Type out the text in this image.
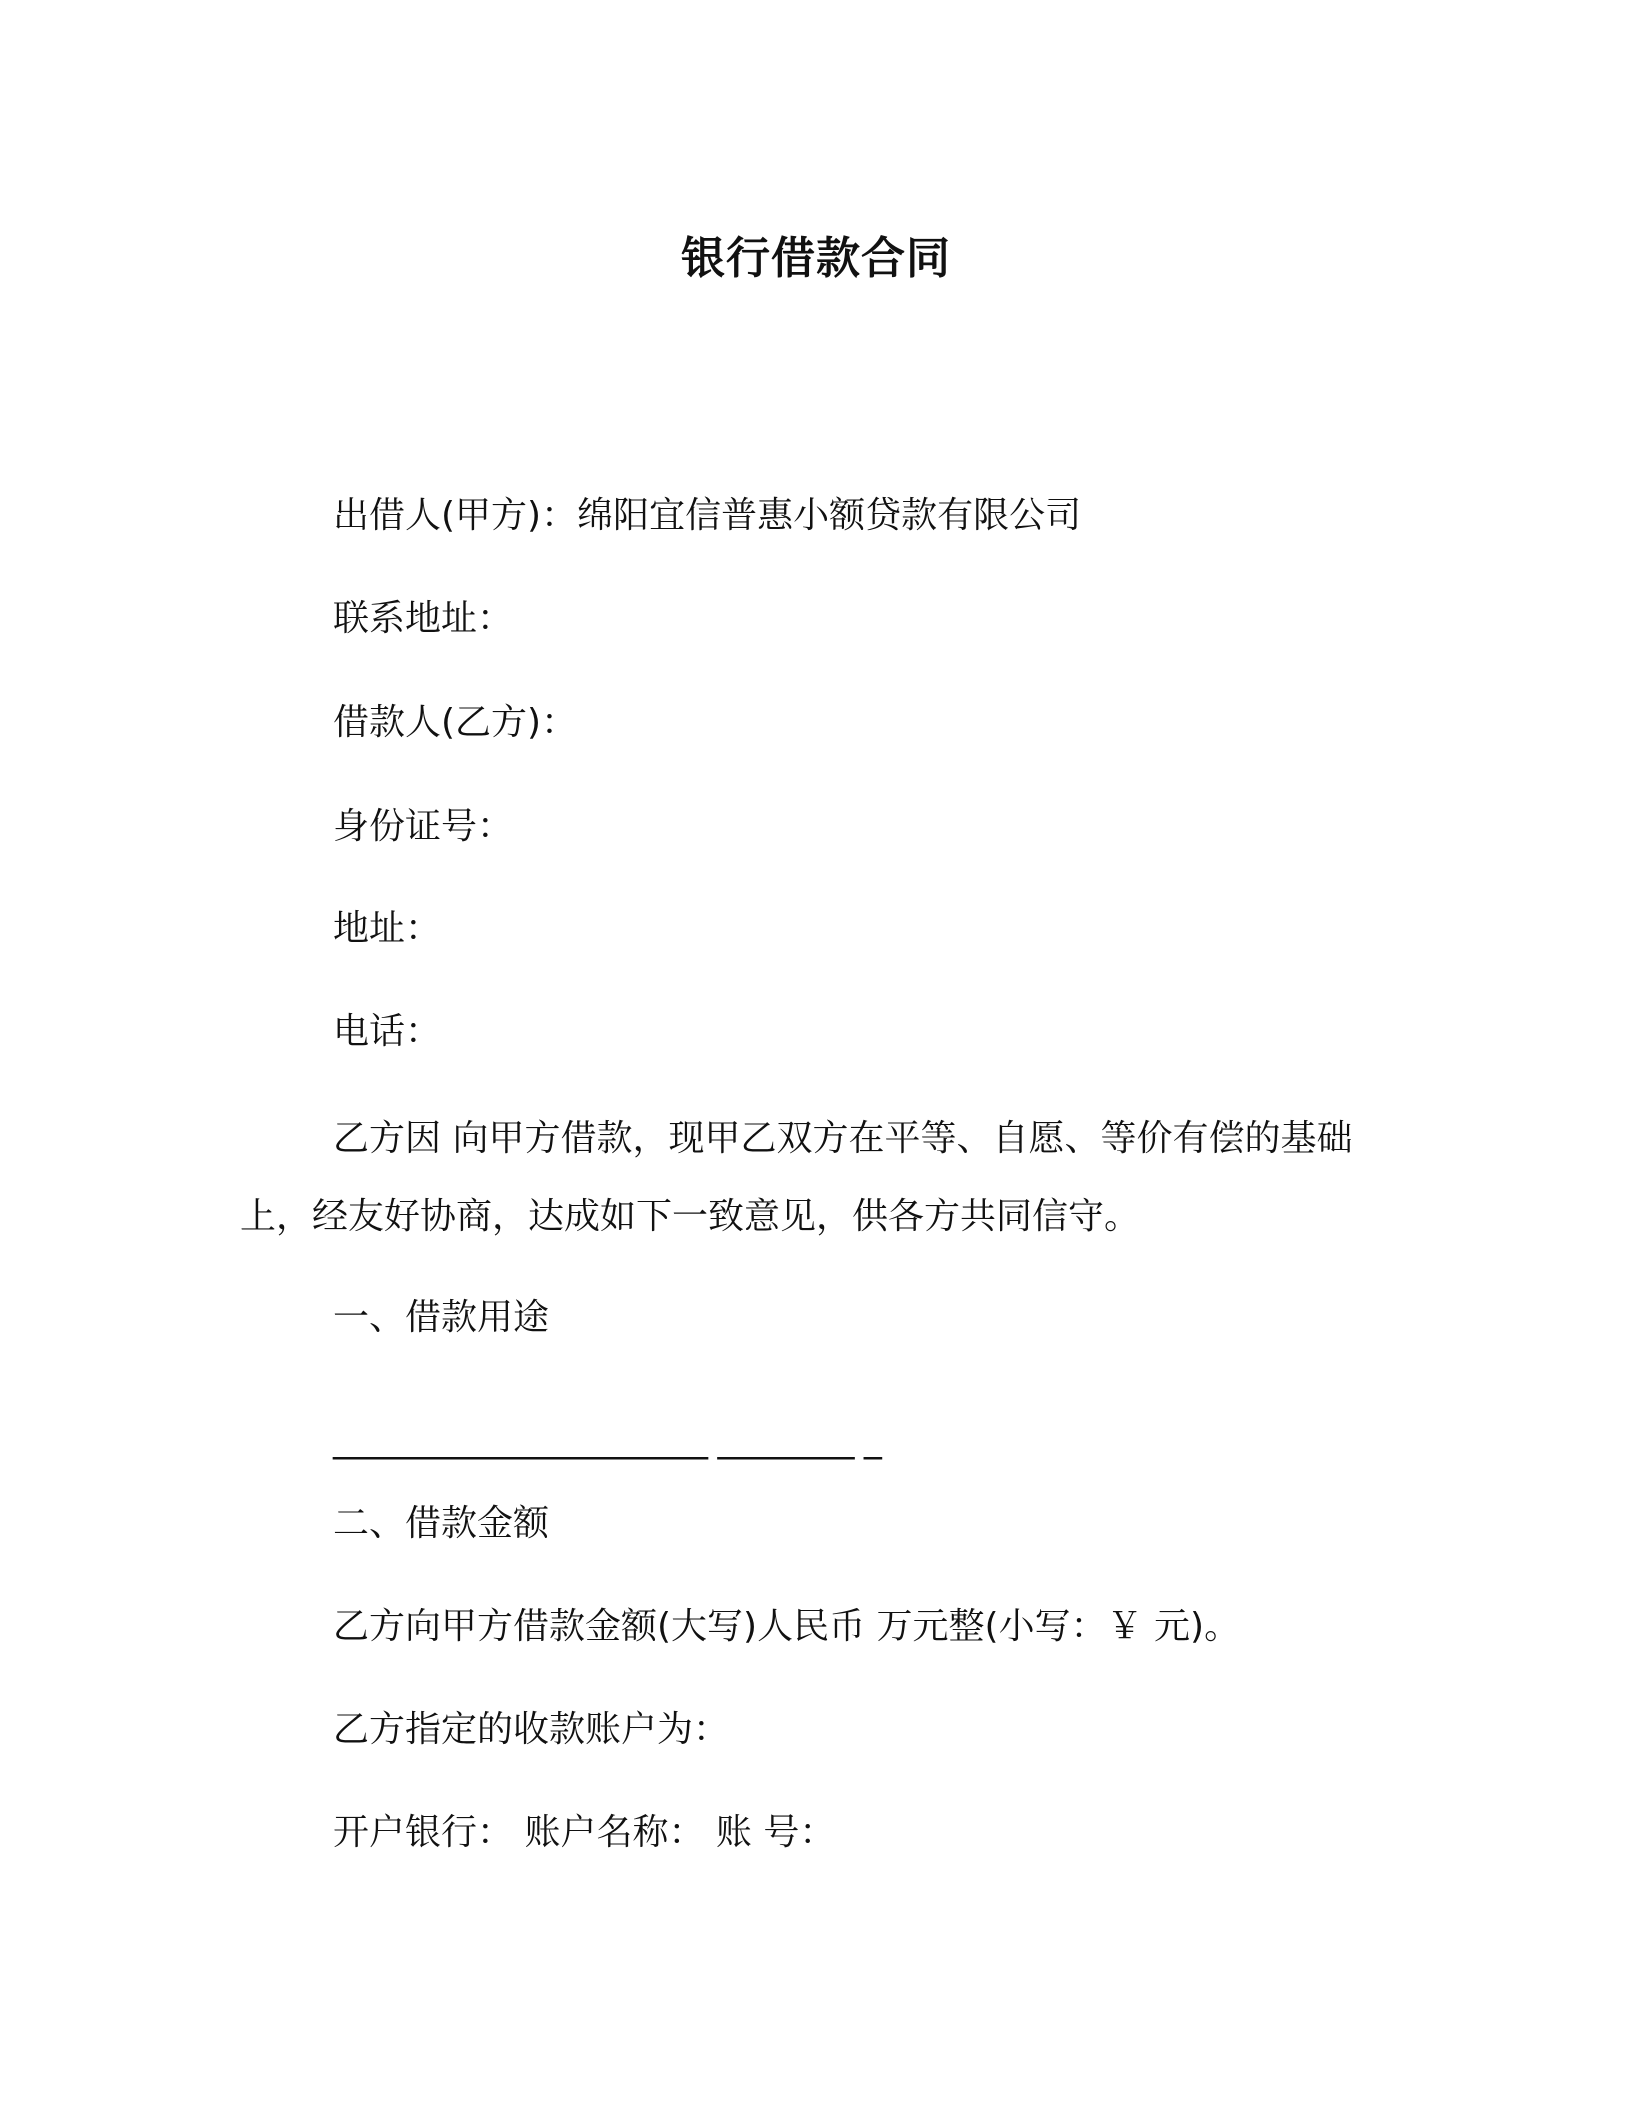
银行借款合同
出借人(甲方)：绵阳宜信普惠小额贷款有限公司
联系地址：
借款人(乙方)：
身份证号：
地址：
电话：
乙方因 向甲方借款，现甲乙双方在平等、自愿、等价有偿的基础上，经友好协商，达成如下一致意见，供各方共同信守。
一、借款用途
______________________ ________ _
二、借款金额
乙方向甲方借款金额(大写)人民币 万元整(小写：￥ 元)。
乙方指定的收款账户为：
开户银行： 账户名称： 账 号：
